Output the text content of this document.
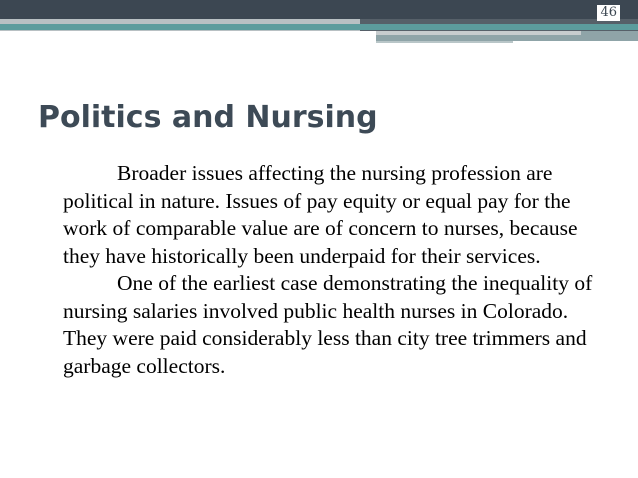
46
Politics and Nursing

Broader issues affecting the nursing profession are political in nature. Issues of pay equity or equal pay for the work of comparable value are of concern to nurses, because they have historically been underpaid for their services.

One of the earliest case demonstrating the inequality of nursing salaries involved public health nurses in Colorado. They were paid considerably less than city tree trimmers and garbage collectors.
